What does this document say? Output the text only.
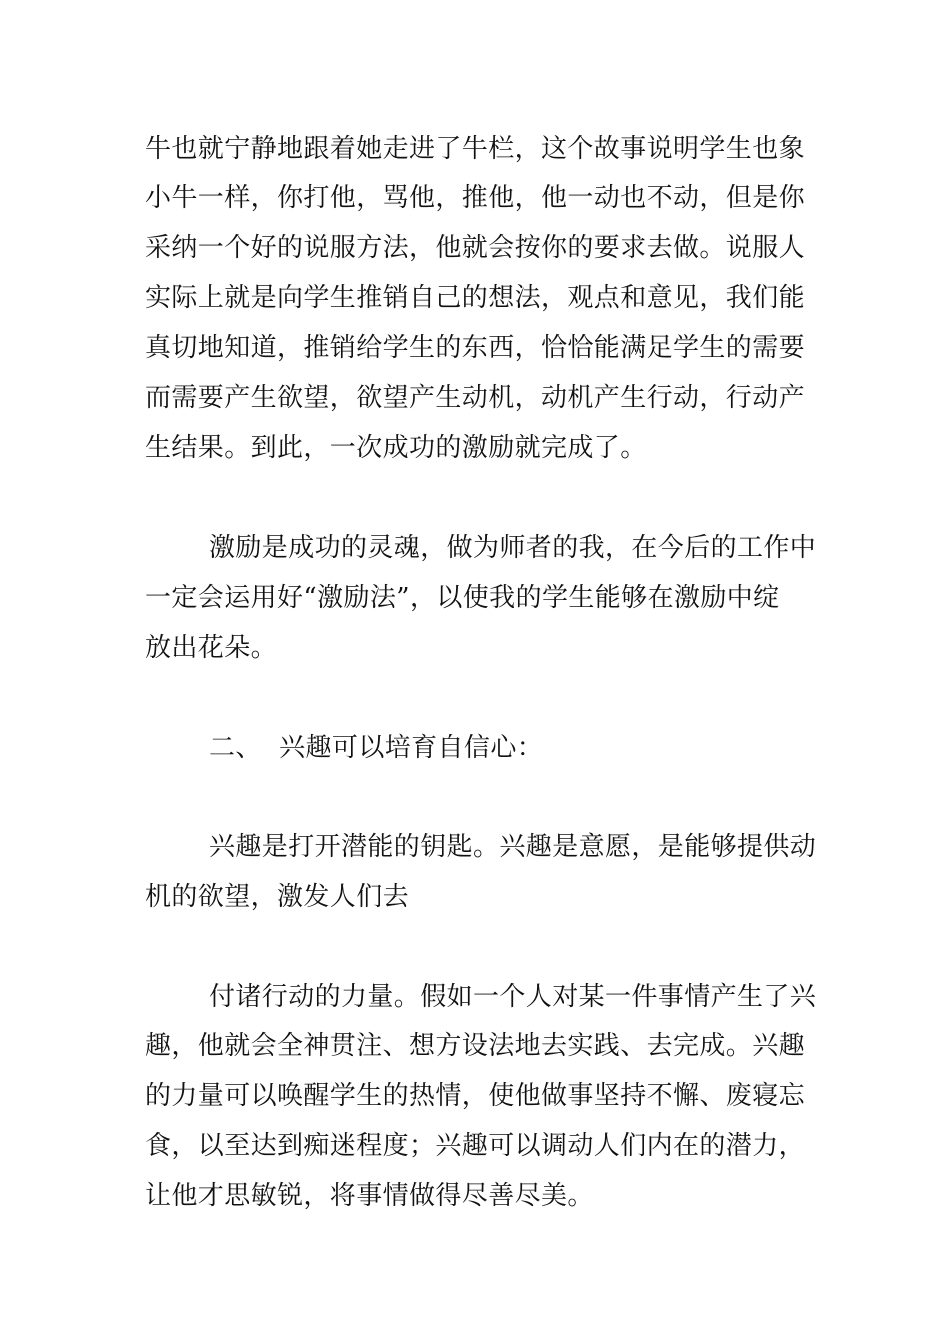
牛也就宁静地跟着她走进了牛栏，这个故事说明学生也象
小牛一样，你打他，骂他，推他，他一动也不动，但是你
采纳一个好的说服方法，他就会按你的要求去做。说服人
实际上就是向学生推销自己的想法，观点和意见，我们能
真切地知道，推销给学生的东西，恰恰能满足学生的需要
而需要产生欲望，欲望产生动机，动机产生行动，行动产
生结果。到此，一次成功的激励就完成了。
激励是成功的灵魂，做为师者的我，在今后的工作中
一定会运用好“激励法”，以使我的学生能够在激励中绽
放出花朵。
二、  兴趣可以培育自信心：
兴趣是打开潜能的钥匙。兴趣是意愿，是能够提供动
机的欲望，激发人们去
付诸行动的力量。假如一个人对某一件事情产生了兴
趣，他就会全神贯注、想方设法地去实践、去完成。兴趣
的力量可以唤醒学生的热情，使他做事坚持不懈、废寝忘
食，以至达到痴迷程度；兴趣可以调动人们内在的潜力，
让他才思敏锐，将事情做得尽善尽美。
